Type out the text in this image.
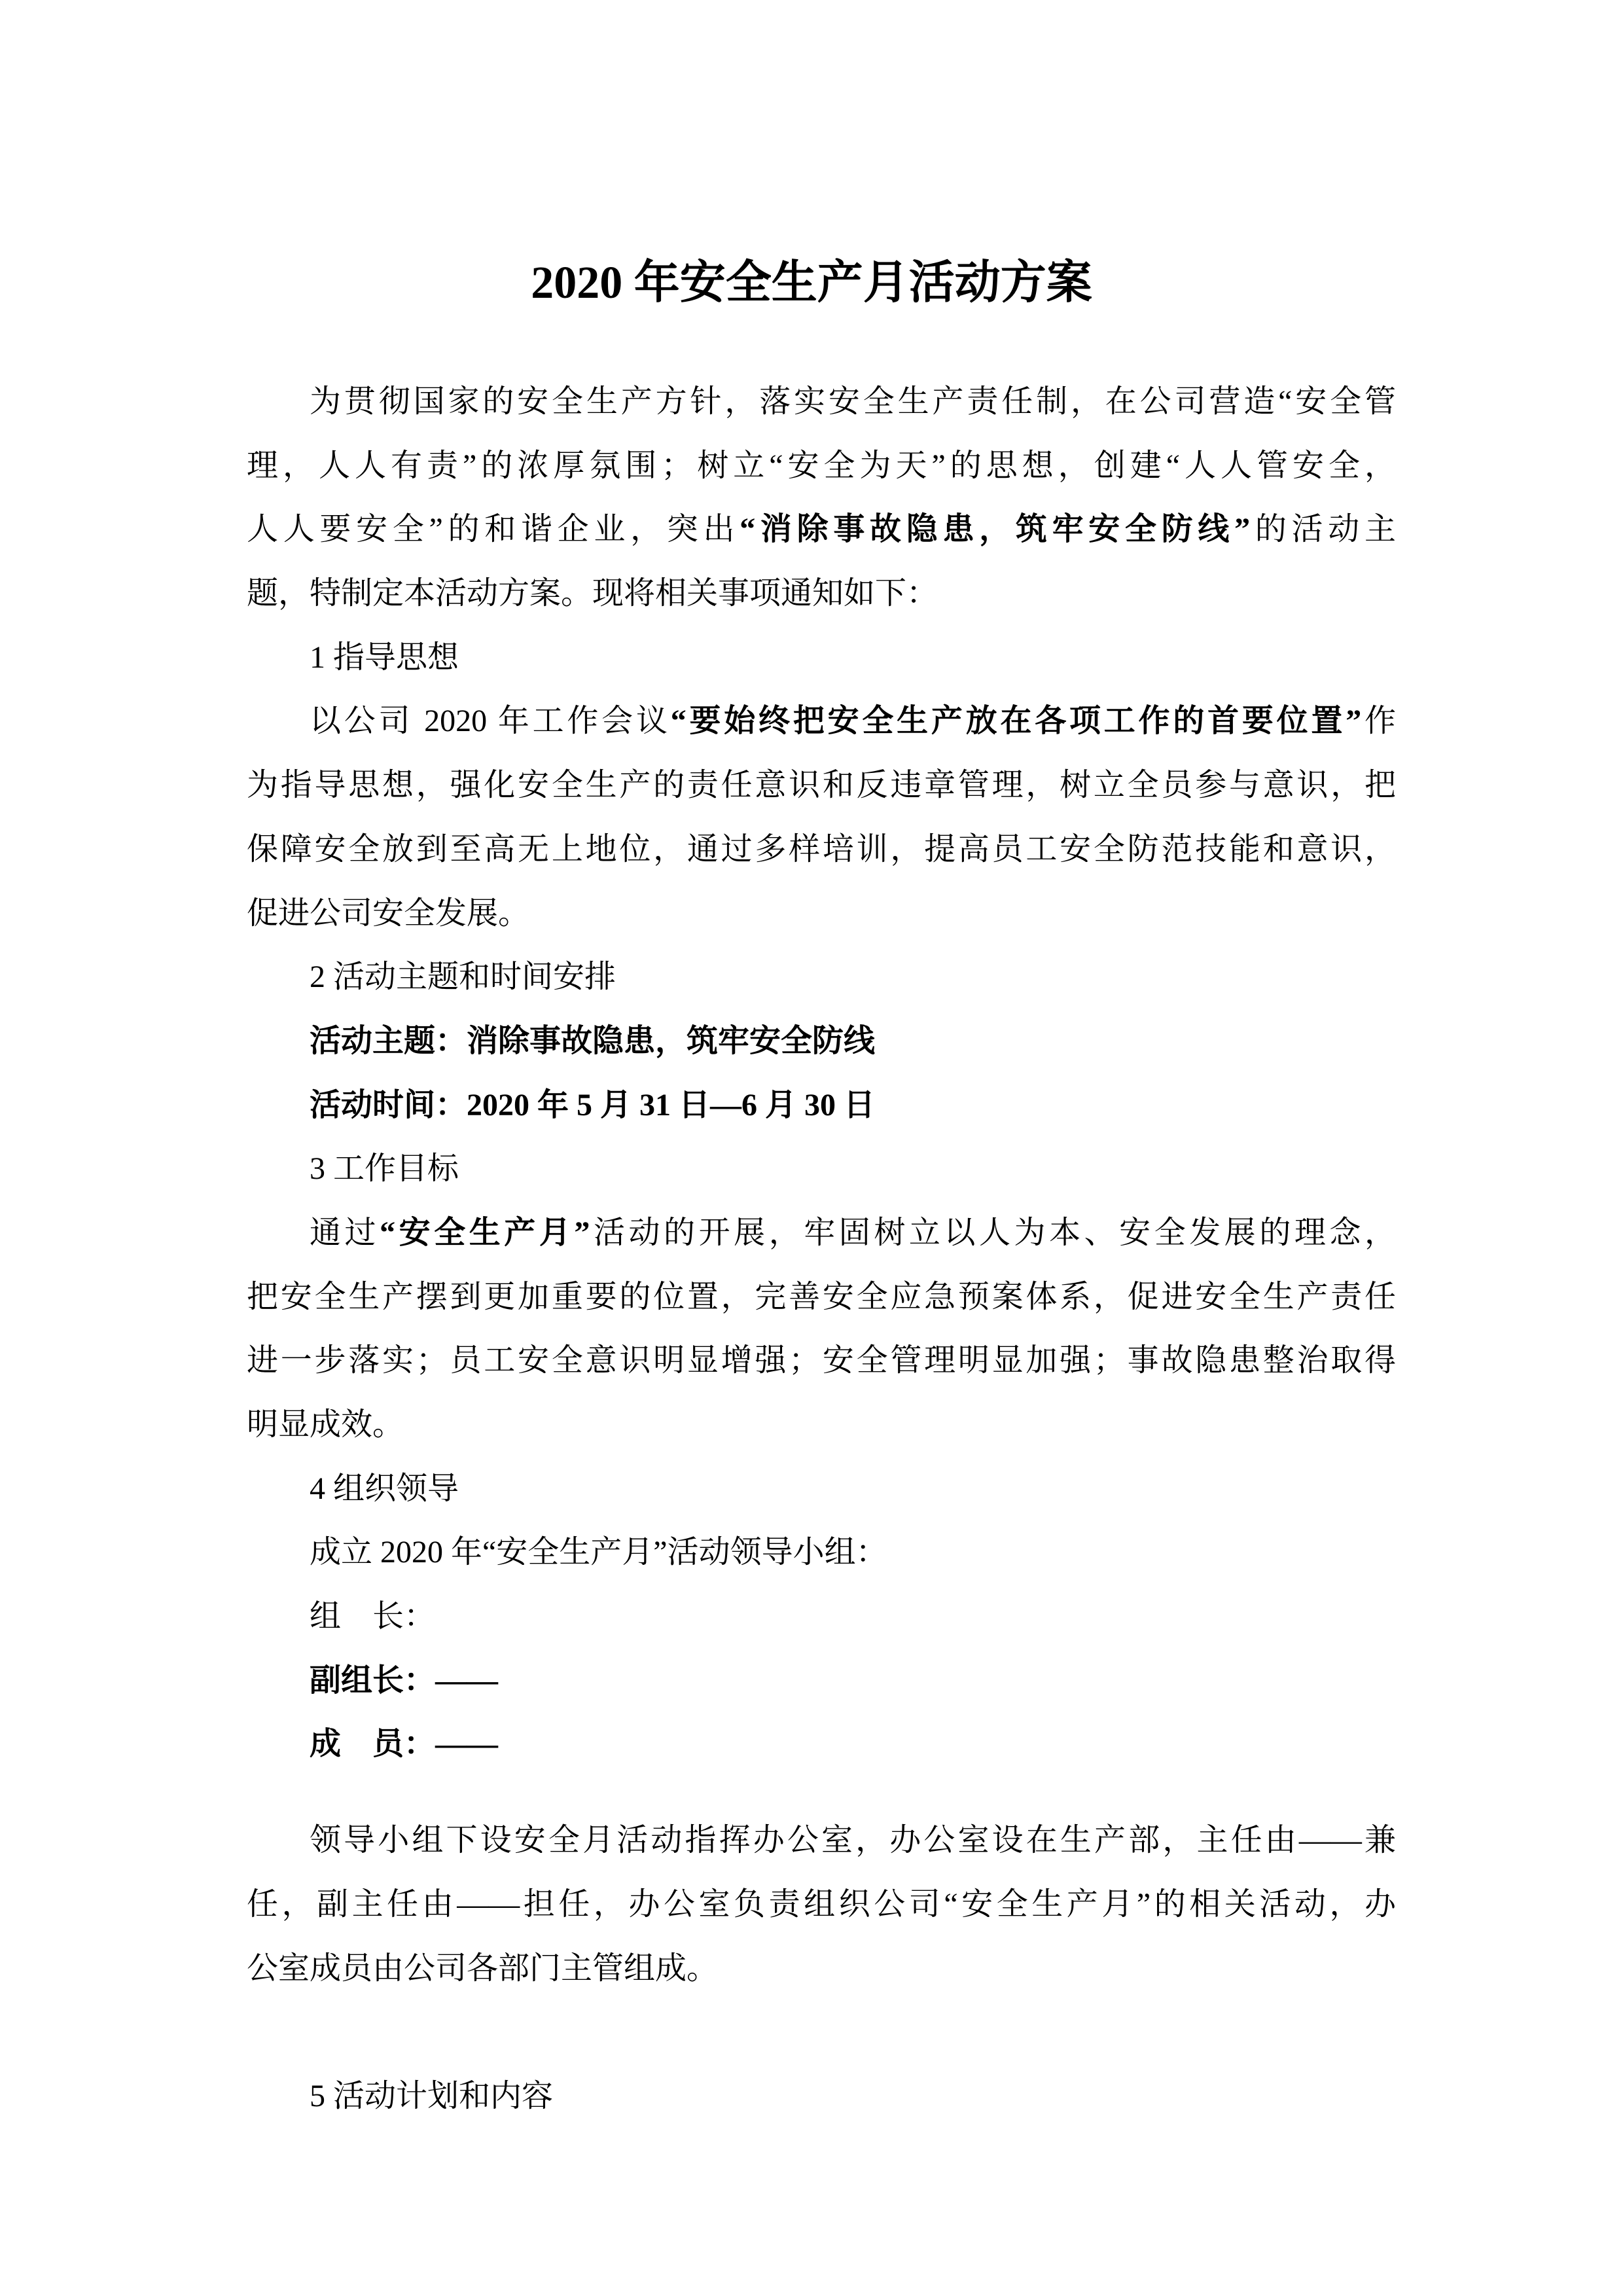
2020 年安全生产月活动方案
为贯彻国家的安全生产方针，落实安全生产责任制，在公司营造“安全管
理，人人有责”的浓厚氛围；树立“安全为天”的思想，创建“人人管安全，
人人要安全”的和谐企业，突出“消除事故隐患，筑牢安全防线”的活动主
题，特制定本活动方案。现将相关事项通知如下：
1 指导思想
以公司 2020 年工作会议“要始终把安全生产放在各项工作的首要位置”作
为指导思想，强化安全生产的责任意识和反违章管理，树立全员参与意识，把
保障安全放到至高无上地位，通过多样培训，提高员工安全防范技能和意识，
促进公司安全发展。
2 活动主题和时间安排
活动主题：消除事故隐患，筑牢安全防线
活动时间：2020 年 5 月 31 日—6 月 30 日
3 工作目标
通过“安全生产月”活动的开展，牢固树立以人为本、安全发展的理念，
把安全生产摆到更加重要的位置，完善安全应急预案体系，促进安全生产责任
进一步落实；员工安全意识明显增强；安全管理明显加强；事故隐患整治取得
明显成效。
4 组织领导
成立 2020 年“安全生产月”活动领导小组：
组　长：
副组长：——
成　员：——
领导小组下设安全月活动指挥办公室，办公室设在生产部，主任由——兼
任，副主任由——担任，办公室负责组织公司“安全生产月”的相关活动，办
公室成员由公司各部门主管组成。
5 活动计划和内容
